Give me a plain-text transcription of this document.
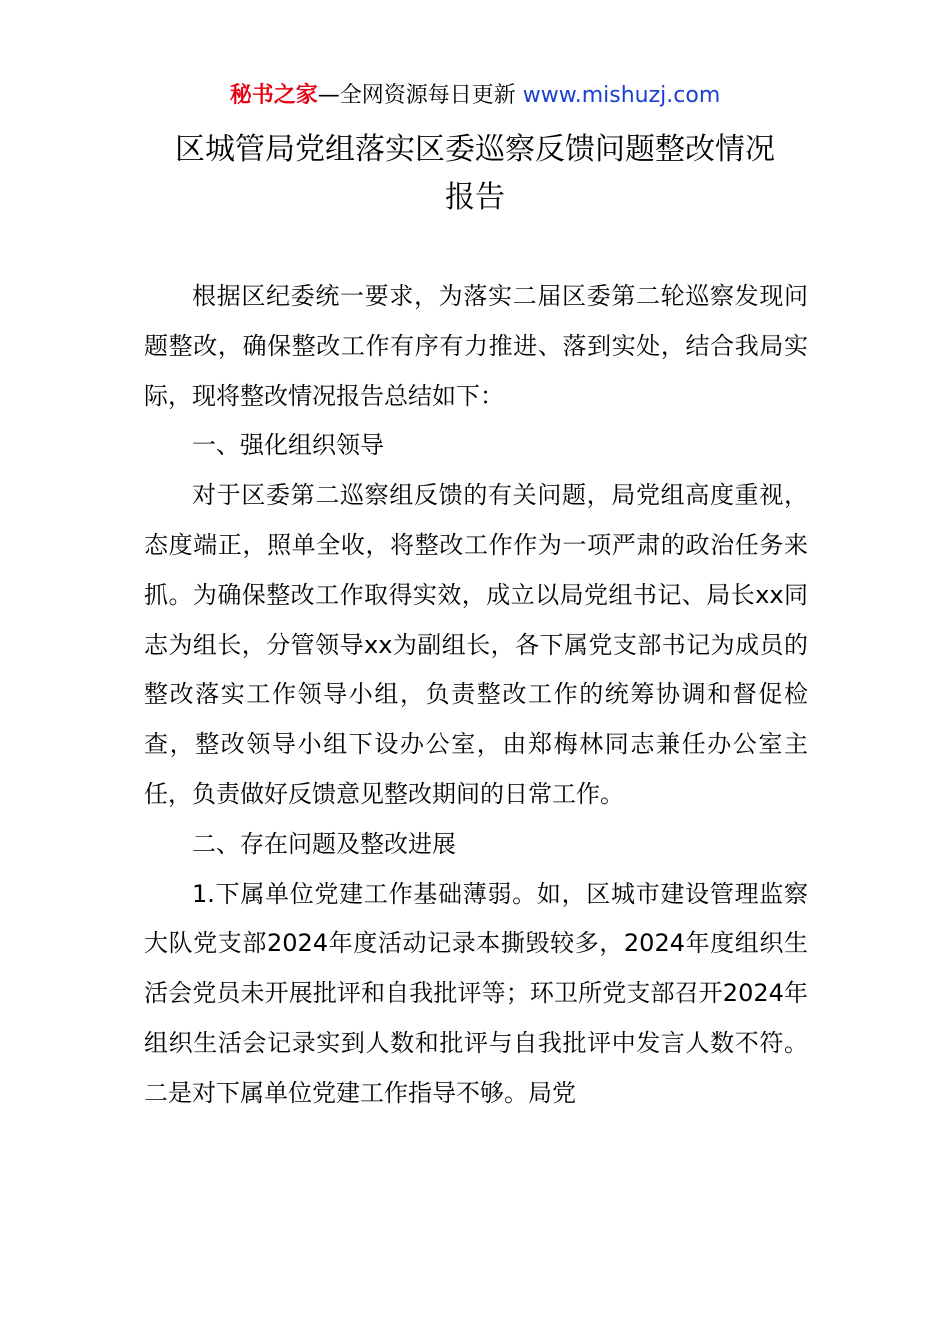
秘书之家—全网资源每日更新 www.mishuzj.com
区城管局党组落实区委巡察反馈问题整改情况
报告

根据区纪委统一要求，为落实二届区委第二轮巡察发现问题整改，确保整改工作有序有力推进、落到实处，结合我局实际，现将整改情况报告总结如下：

一、强化组织领导

对于区委第二巡察组反馈的有关问题，局党组高度重视，态度端正，照单全收，将整改工作作为一项严肃的政治任务来抓。为确保整改工作取得实效，成立以局党组书记、局长xx同志为组长，分管领导xx为副组长，各下属党支部书记为成员的整改落实工作领导小组，负责整改工作的统筹协调和督促检查，整改领导小组下设办公室，由郑梅林同志兼任办公室主任，负责做好反馈意见整改期间的日常工作。

二、存在问题及整改进展

1.下属单位党建工作基础薄弱。如，区城市建设管理监察大队党支部2024年度活动记录本撕毁较多，2024年度组织生活会党员未开展批评和自我批评等；环卫所党支部召开2024年组织生活会记录实到人数和批评与自我批评中发言人数不符。二是对下属单位党建工作指导不够。局党
